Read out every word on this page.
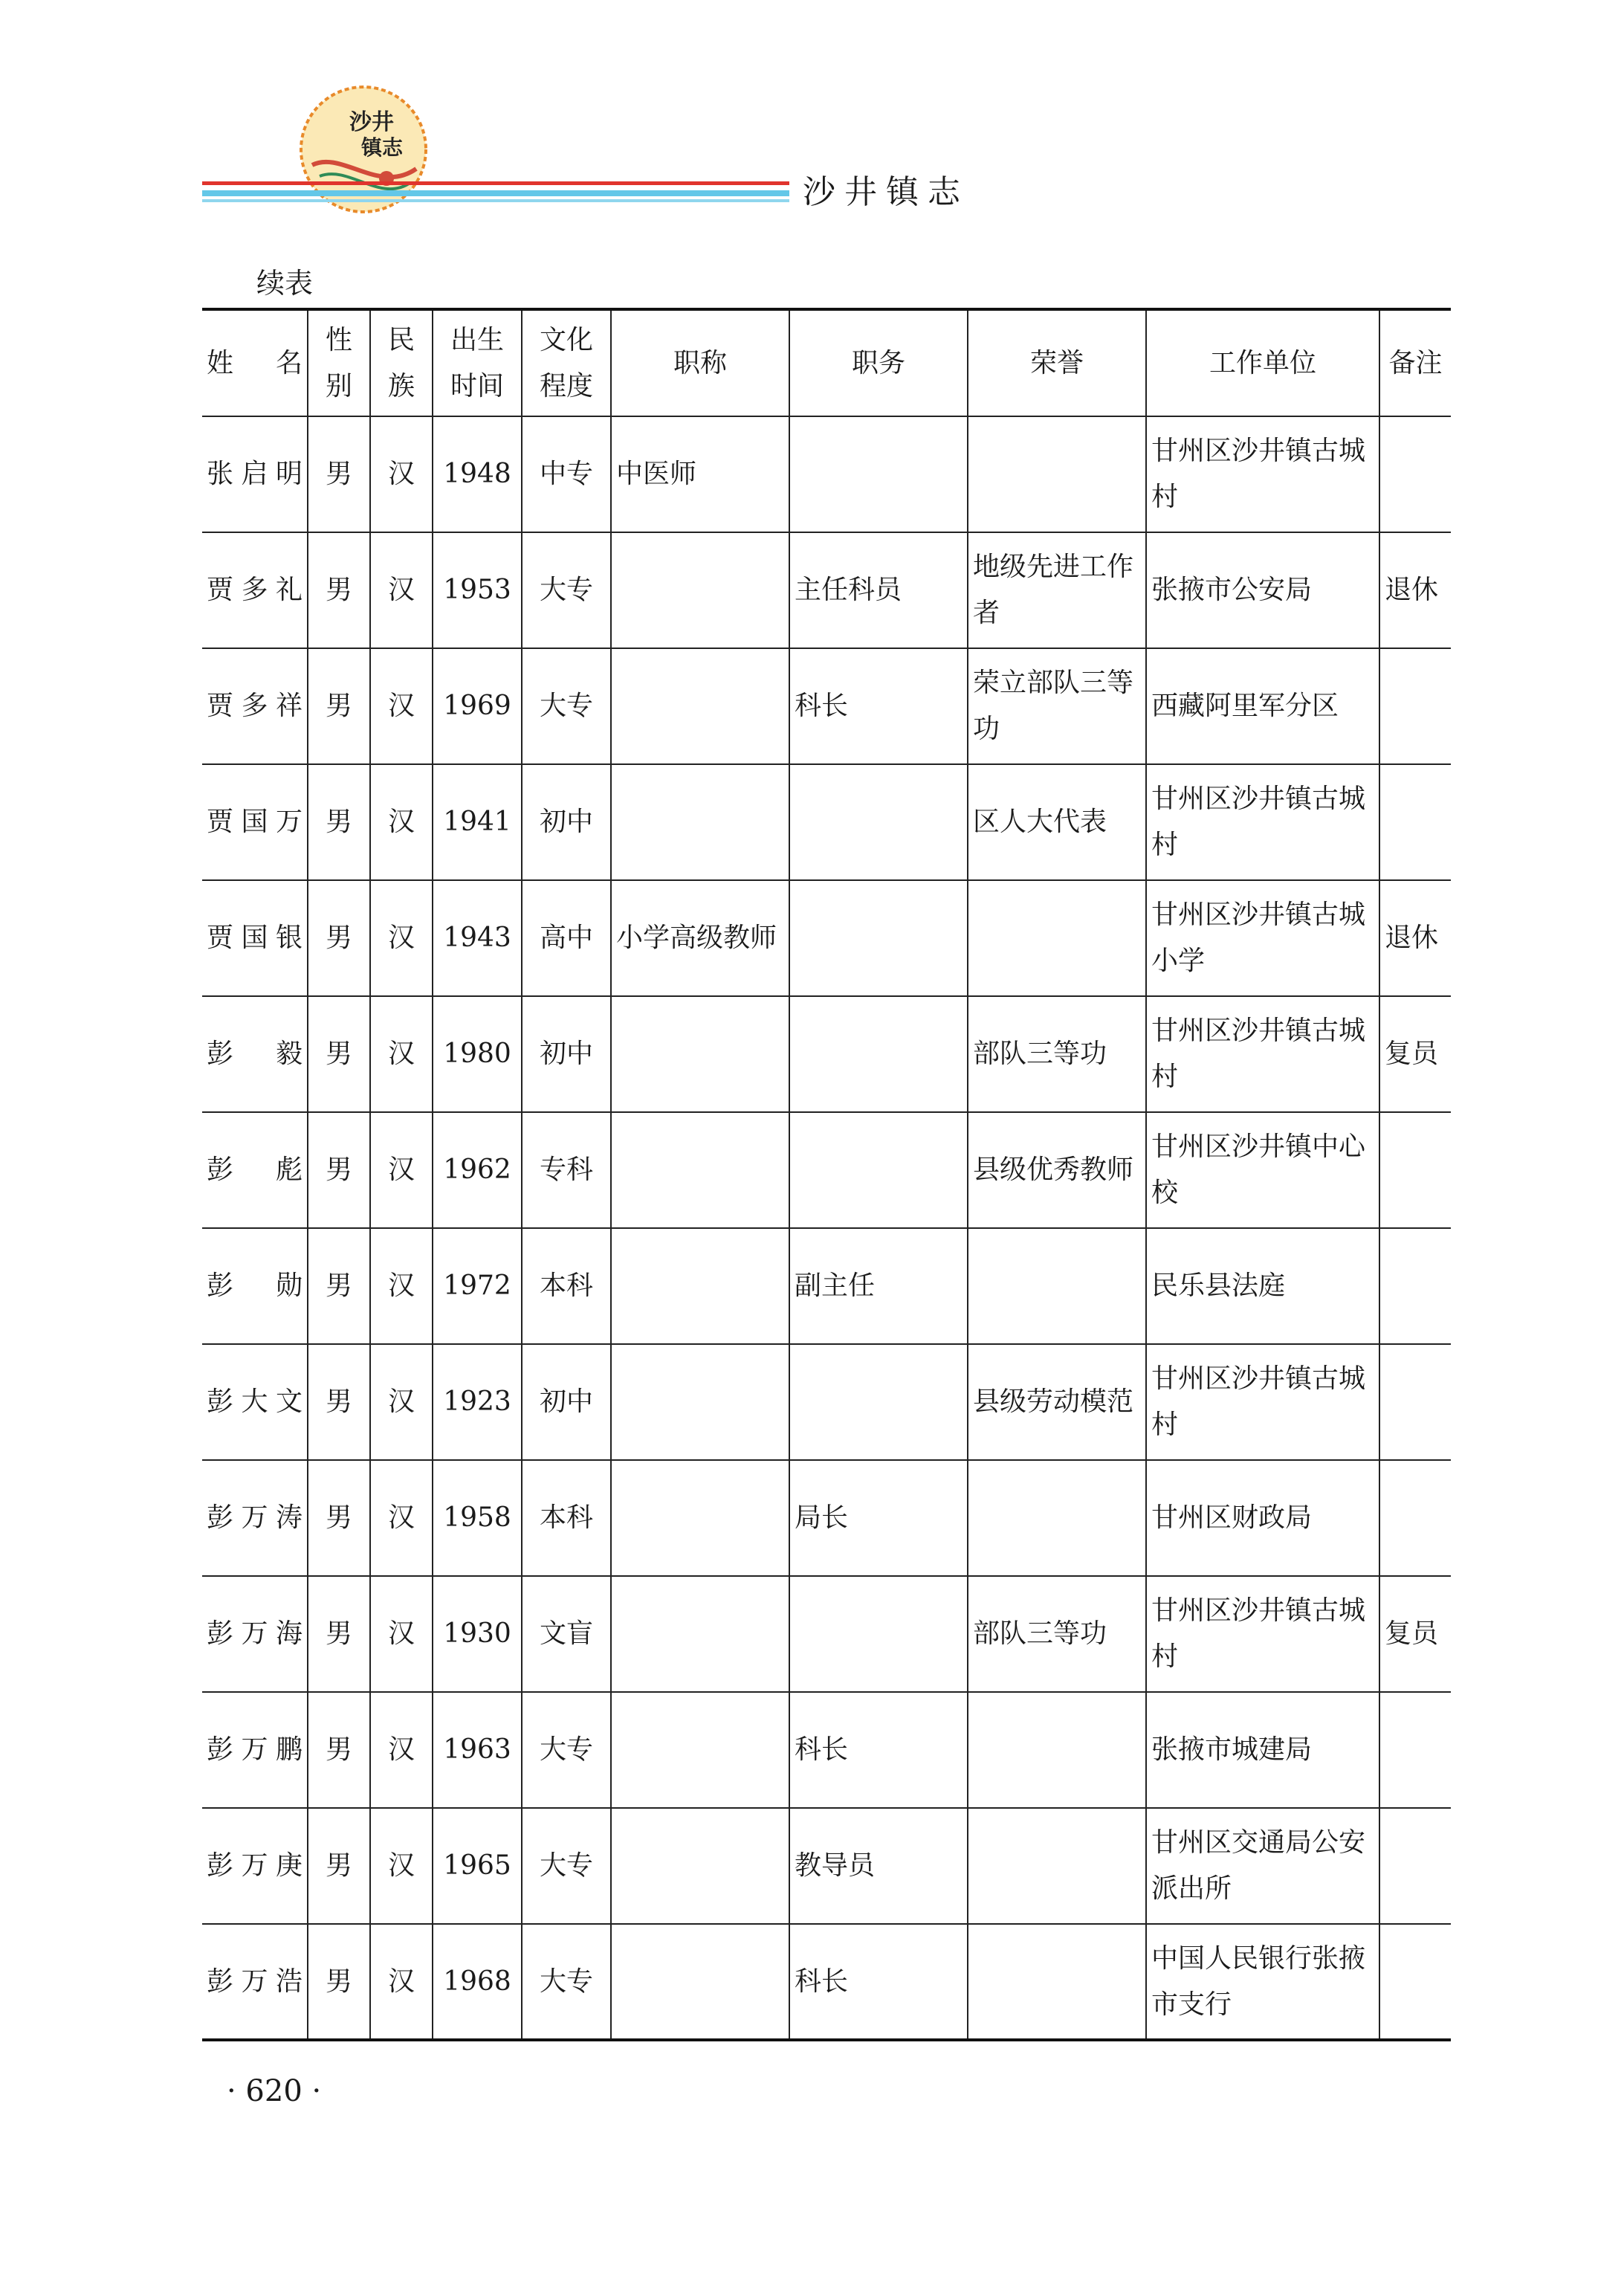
沙井
镇志
沙井镇志
续表
姓　名	性别	民族	出生时间	文化程度	职称	职务	荣誉	工作单位	备注
张启明	男	汉	1948	中专	中医师			甘州区沙井镇古城村	
贾多礼	男	汉	1953	大专		主任科员	地级先进工作者	张掖市公安局	退休
贾多祥	男	汉	1969	大专		科长	荣立部队三等功	西藏阿里军分区	
贾国万	男	汉	1941	初中			区人大代表	甘州区沙井镇古城村	
贾国银	男	汉	1943	高中	小学高级教师			甘州区沙井镇古城小学	退休
彭　毅	男	汉	1980	初中			部队三等功	甘州区沙井镇古城村	复员
彭　彪	男	汉	1962	专科			县级优秀教师	甘州区沙井镇中心校	
彭　勋	男	汉	1972	本科		副主任		民乐县法庭	
彭大文	男	汉	1923	初中			县级劳动模范	甘州区沙井镇古城村	
彭万涛	男	汉	1958	本科		局长		甘州区财政局	
彭万海	男	汉	1930	文盲			部队三等功	甘州区沙井镇古城村	复员
彭万鹏	男	汉	1963	大专		科长		张掖市城建局	
彭万庚	男	汉	1965	大专		教导员		甘州区交通局公安派出所	
彭万浩	男	汉	1968	大专		科长		中国人民银行张掖市支行	
· 620 ·
